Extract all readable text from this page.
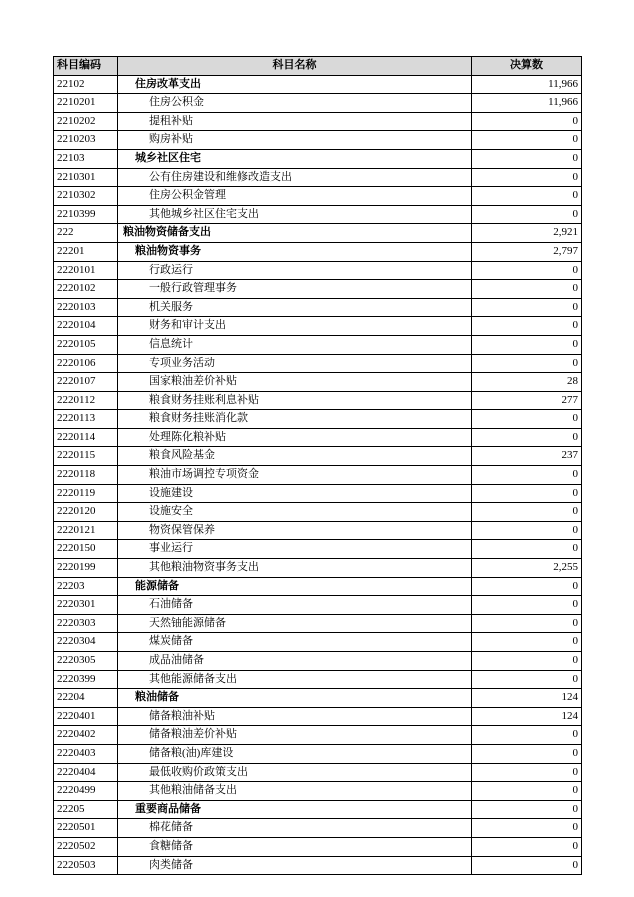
科目编码	科目名称	决算数
22102	住房改革支出	11,966
2210201	住房公积金	11,966
2210202	提租补贴	0
2210203	购房补贴	0
22103	城乡社区住宅	0
2210301	公有住房建设和维修改造支出	0
2210302	住房公积金管理	0
2210399	其他城乡社区住宅支出	0
222	粮油物资储备支出	2,921
22201	粮油物资事务	2,797
2220101	行政运行	0
2220102	一般行政管理事务	0
2220103	机关服务	0
2220104	财务和审计支出	0
2220105	信息统计	0
2220106	专项业务活动	0
2220107	国家粮油差价补贴	28
2220112	粮食财务挂账利息补贴	277
2220113	粮食财务挂账消化款	0
2220114	处理陈化粮补贴	0
2220115	粮食风险基金	237
2220118	粮油市场调控专项资金	0
2220119	设施建设	0
2220120	设施安全	0
2220121	物资保管保养	0
2220150	事业运行	0
2220199	其他粮油物资事务支出	2,255
22203	能源储备	0
2220301	石油储备	0
2220303	天然铀能源储备	0
2220304	煤炭储备	0
2220305	成品油储备	0
2220399	其他能源储备支出	0
22204	粮油储备	124
2220401	储备粮油补贴	124
2220402	储备粮油差价补贴	0
2220403	储备粮(油)库建设	0
2220404	最低收购价政策支出	0
2220499	其他粮油储备支出	0
22205	重要商品储备	0
2220501	棉花储备	0
2220502	食糖储备	0
2220503	肉类储备	0
